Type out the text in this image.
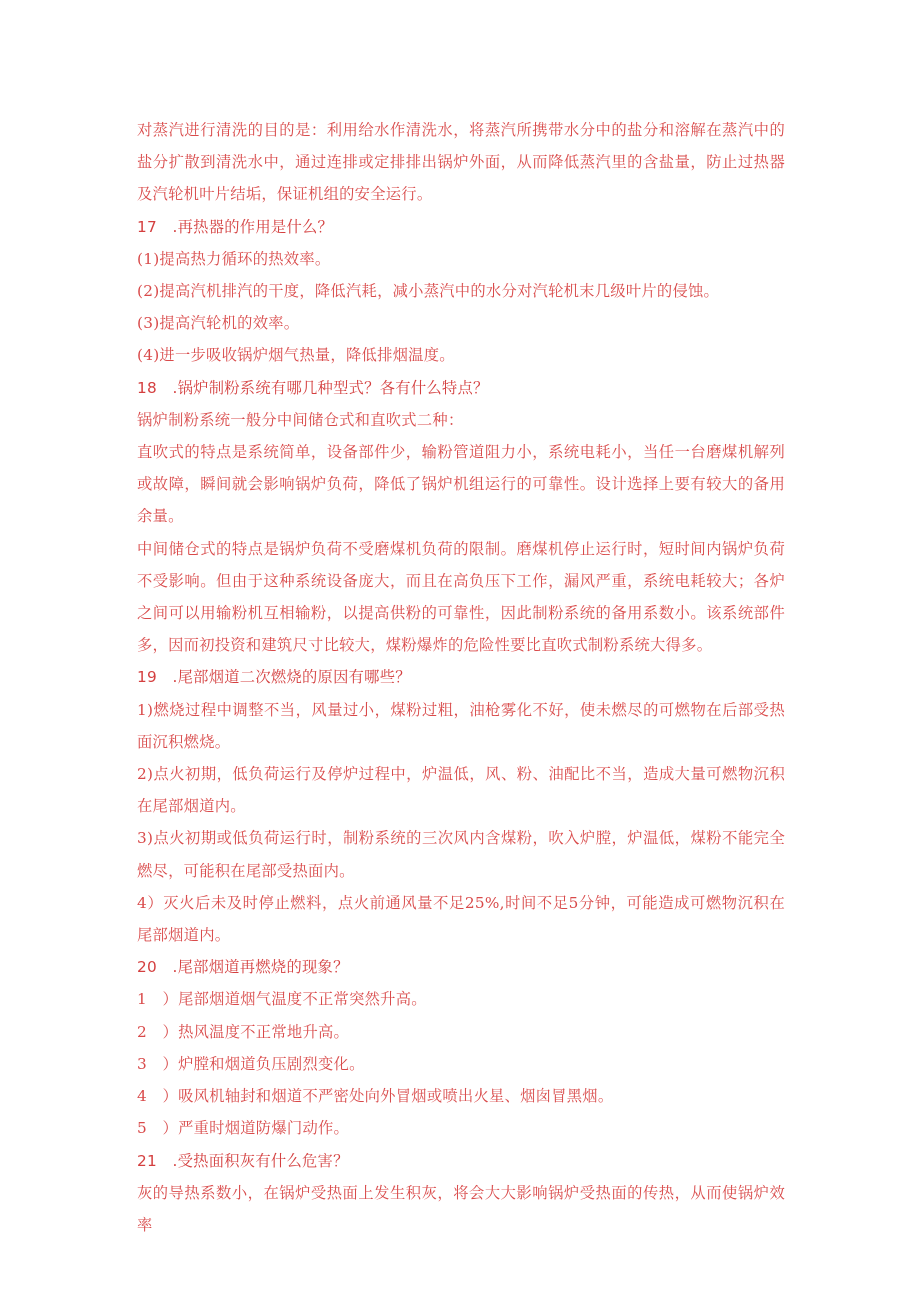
对蒸汽进行清洗的目的是：利用给水作清洗水，将蒸汽所携带水分中的盐分和溶解在蒸汽中的盐分扩散到清洗水中，通过连排或定排排出锅炉外面，从而降低蒸汽里的含盐量，防止过热器及汽轮机叶片结垢，保证机组的安全运行。

17　.再热器的作用是什么？

(1)提高热力循环的热效率。

(2)提高汽机排汽的干度，降低汽耗，减小蒸汽中的水分对汽轮机末几级叶片的侵蚀。

(3)提高汽轮机的效率。

(4)进一步吸收锅炉烟气热量，降低排烟温度。

18　.锅炉制粉系统有哪几种型式？各有什么特点？

锅炉制粉系统一般分中间储仓式和直吹式二种：

直吹式的特点是系统简单，设备部件少，输粉管道阻力小，系统电耗小，当任一台磨煤机解列或故障，瞬间就会影响锅炉负荷，降低了锅炉机组运行的可靠性。设计选择上要有较大的备用余量。

中间储仓式的特点是锅炉负荷不受磨煤机负荷的限制。磨煤机停止运行时，短时间内锅炉负荷不受影响。但由于这种系统设备庞大，而且在高负压下工作，漏风严重，系统电耗较大；各炉之间可以用输粉机互相输粉，以提高供粉的可靠性，因此制粉系统的备用系数小。该系统部件多，因而初投资和建筑尺寸比较大，煤粉爆炸的危险性要比直吹式制粉系统大得多。

19　.尾部烟道二次燃烧的原因有哪些？

1)燃烧过程中调整不当，风量过小，煤粉过粗，油枪雾化不好，使未燃尽的可燃物在后部受热面沉积燃烧。

2)点火初期，低负荷运行及停炉过程中，炉温低，风、粉、油配比不当，造成大量可燃物沉积在尾部烟道内。

3)点火初期或低负荷运行时，制粉系统的三次风内含煤粉，吹入炉膛，炉温低，煤粉不能完全燃尽，可能积在尾部受热面内。

4）灭火后未及时停止燃料，点火前通风量不足25%,时间不足5分钟，可能造成可燃物沉积在尾部烟道内。

20　.尾部烟道再燃烧的现象？

1　）尾部烟道烟气温度不正常突然升高。

2　）热风温度不正常地升高。

3　）炉膛和烟道负压剧烈变化。

4　）吸风机轴封和烟道不严密处向外冒烟或喷出火星、烟囱冒黑烟。

5　）严重时烟道防爆门动作。

21　.受热面积灰有什么危害？

灰的导热系数小，在锅炉受热面上发生积灰，将会大大影响锅炉受热面的传热，从而使锅炉效率
